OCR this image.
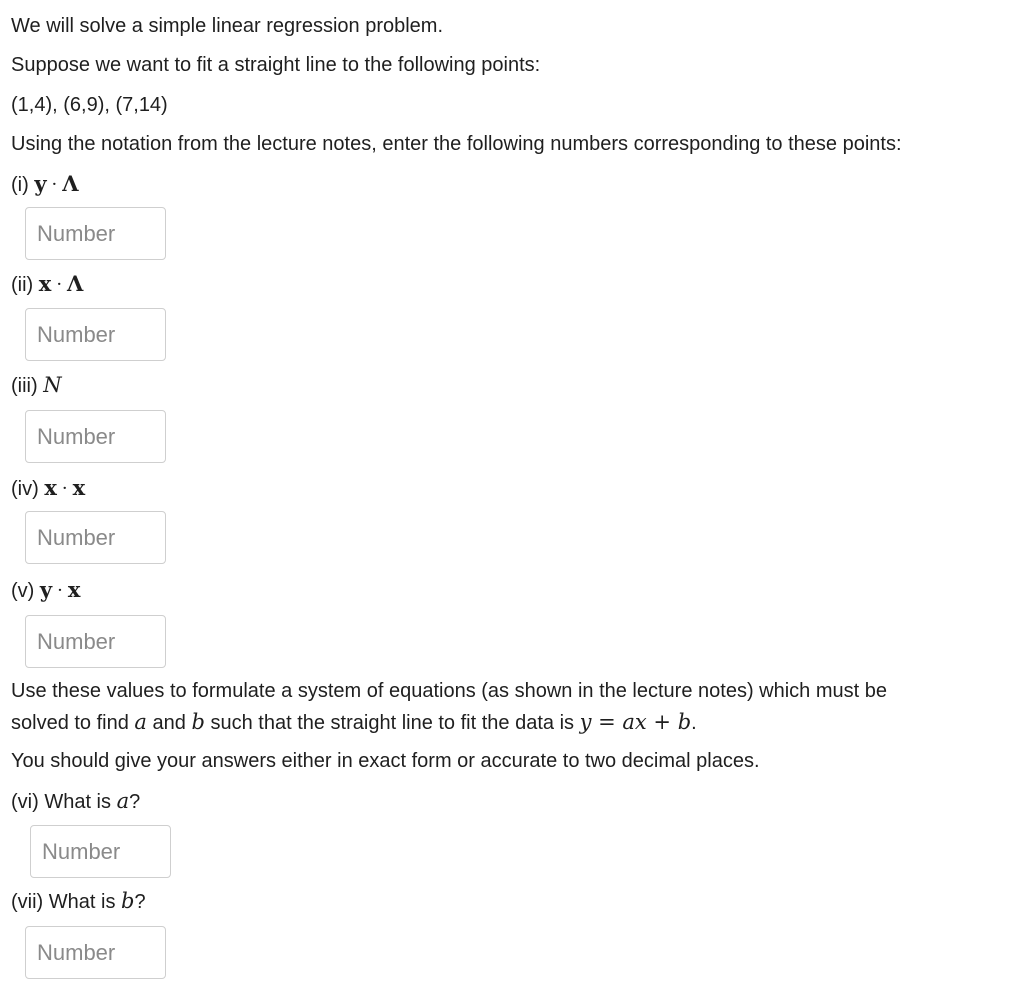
We will solve a simple linear regression problem.
Suppose we want to fit a straight line to the following points:
(1,4), (6,9), (7,14)
Using the notation from the lecture notes, enter the following numbers corresponding to these points:
(i) y · Λ
Number
(ii) x · Λ
Number
(iii) N
Number
(iv) x · x
Number
(v) y · x
Number
Use these values to formulate a system of equations (as shown in the lecture notes) which must be
solved to find a and b such that the straight line to fit the data is y = ax + b.
You should give your answers either in exact form or accurate to two decimal places.
(vi) What is a?
Number
(vii) What is b?
Number
